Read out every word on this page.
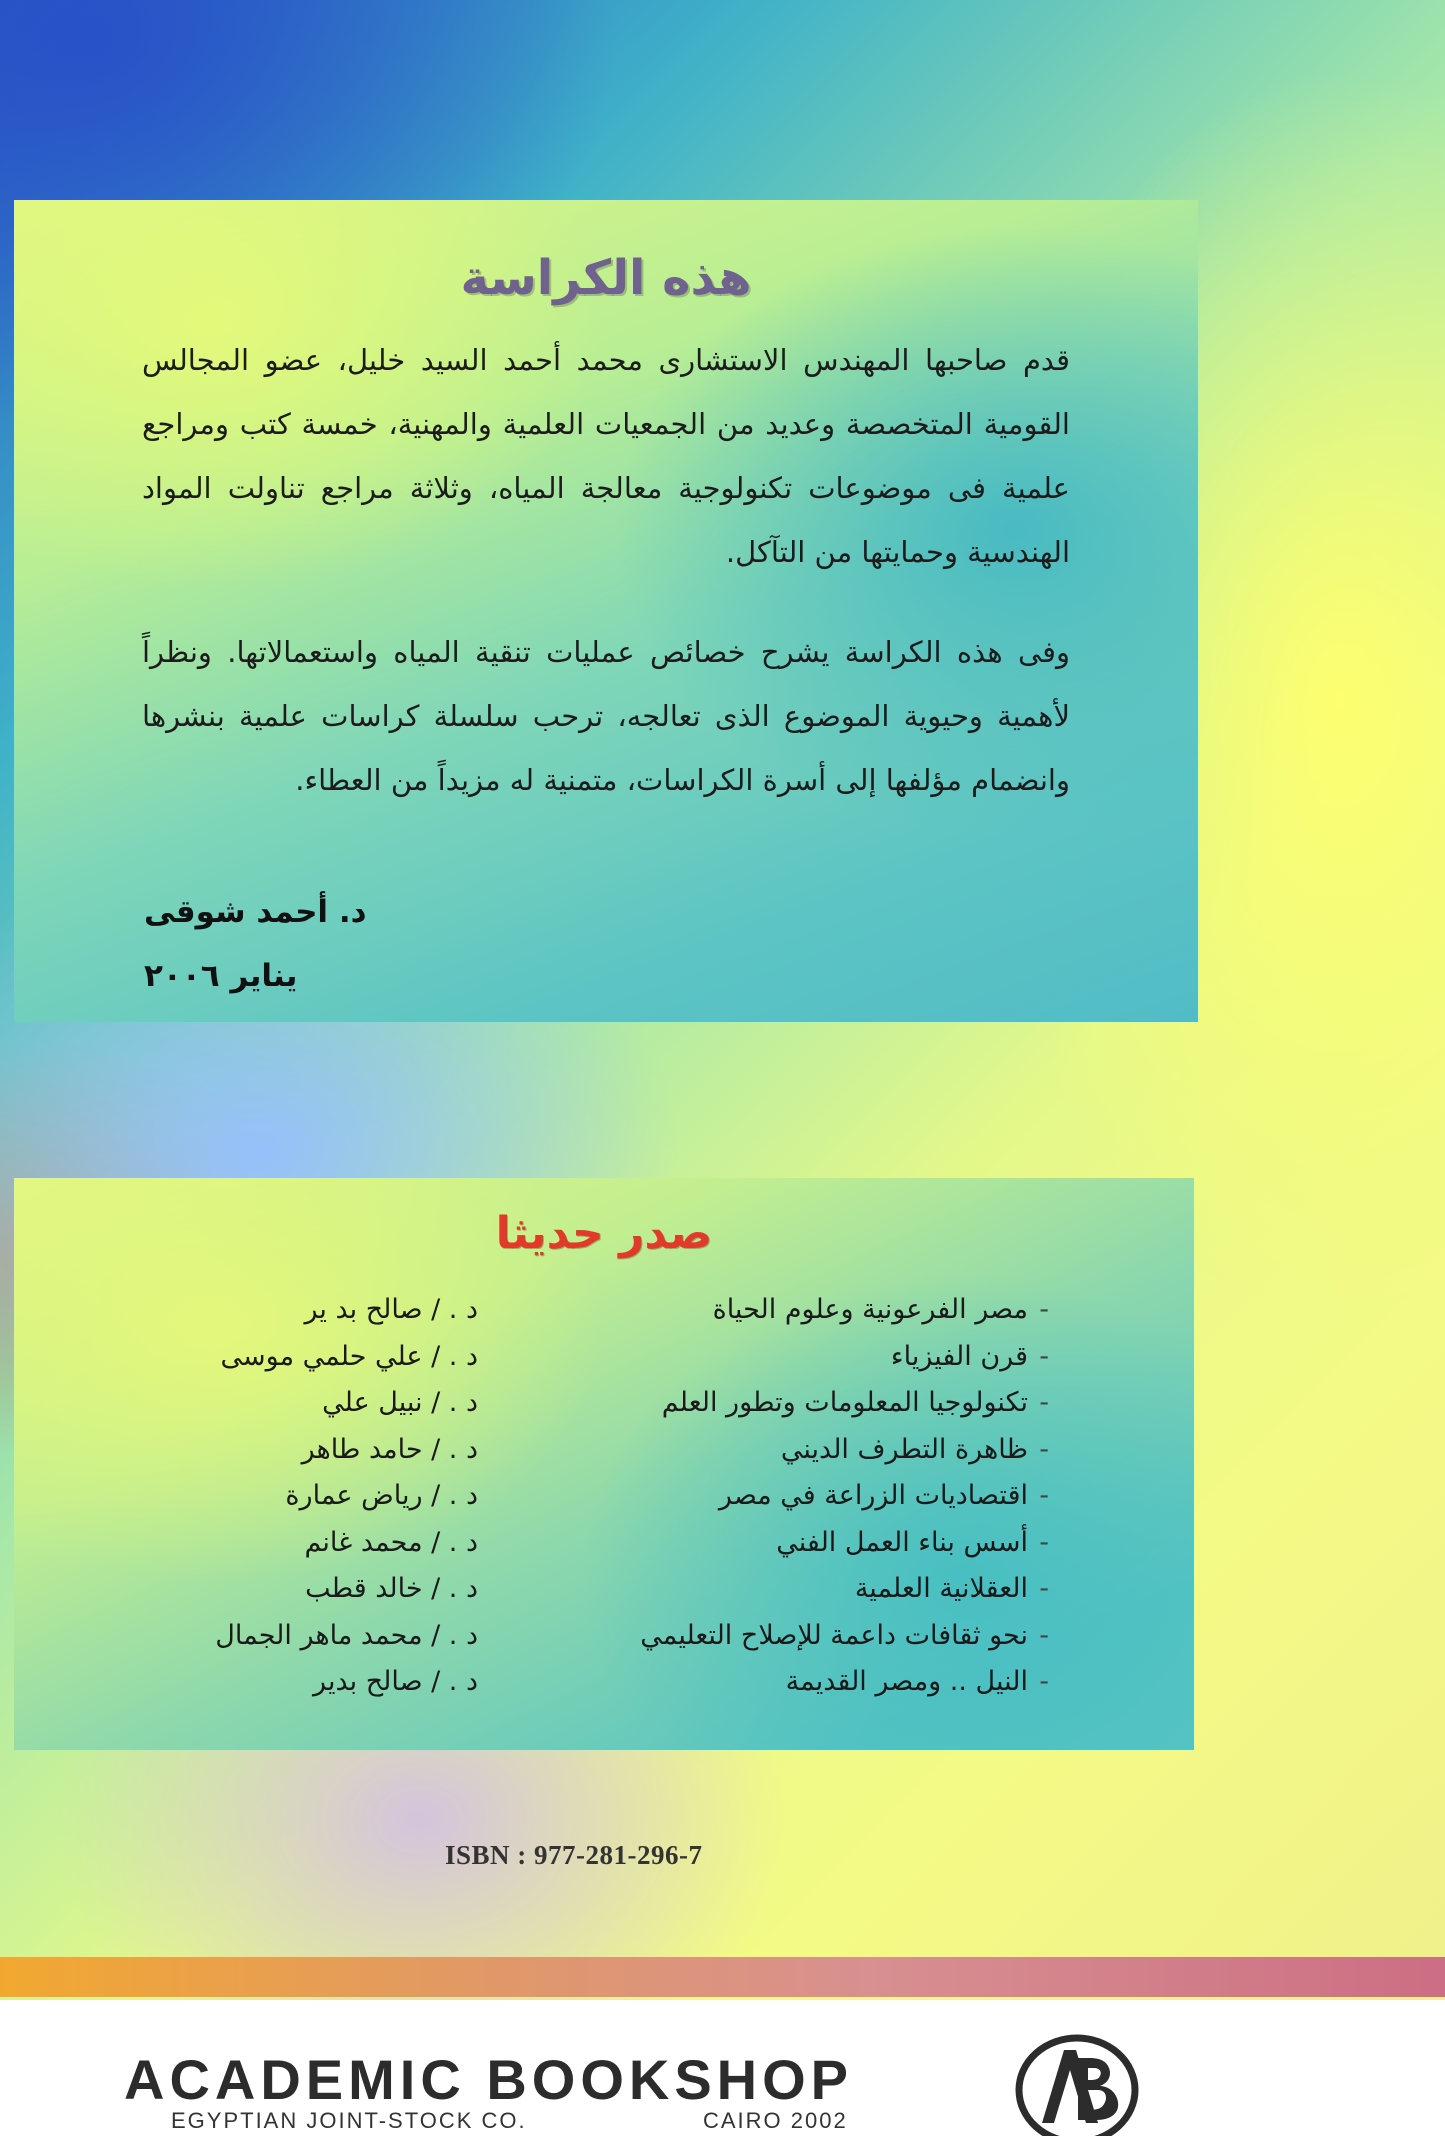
هذه الكراسة
قدم صاحبها المهندس الاستشارى محمد أحمد السيد خليل، عضو المجالس القومية المتخصصة وعديد من الجمعيات العلمية والمهنية، خمسة كتب ومراجع علمية فى موضوعات تكنولوجية معالجة المياه، وثلاثة مراجع تناولت المواد الهندسية وحمايتها من التآكل.
وفى هذه الكراسة يشرح خصائص عمليات تنقية المياه واستعمالاتها. ونظراً لأهمية وحيوية الموضوع الذى تعالجه، ترحب سلسلة كراسات علمية بنشرها وانضمام مؤلفها إلى أسرة الكراسات، متمنية له مزيداً من العطاء.
د. أحمد شوقى
يناير ٢٠٠٦
صدر حديثا
-
مصر الفرعونية وعلوم الحياة
د . / صالح بد ير
-
قرن الفيزياء
د . / علي حلمي موسى
-
تكنولوجيا المعلومات وتطور العلم
د . / نبيل علي
-
ظاهرة التطرف الديني
د . / حامد طاهر
-
اقتصاديات الزراعة في مصر
د . / رياض عمارة
-
أسس بناء العمل الفني
د . / محمد غانم
-
العقلانية العلمية
د . / خالد قطب
-
نحو ثقافات داعمة للإصلاح التعليمي
د . / محمد ماهر الجمال
-
النيل .. ومصر القديمة
د . / صالح بدير
ISBN : 977-281-296-7
ACADEMIC BOOKSHOP
EGYPTIAN JOINT-STOCK CO.	CAIRO 2002
